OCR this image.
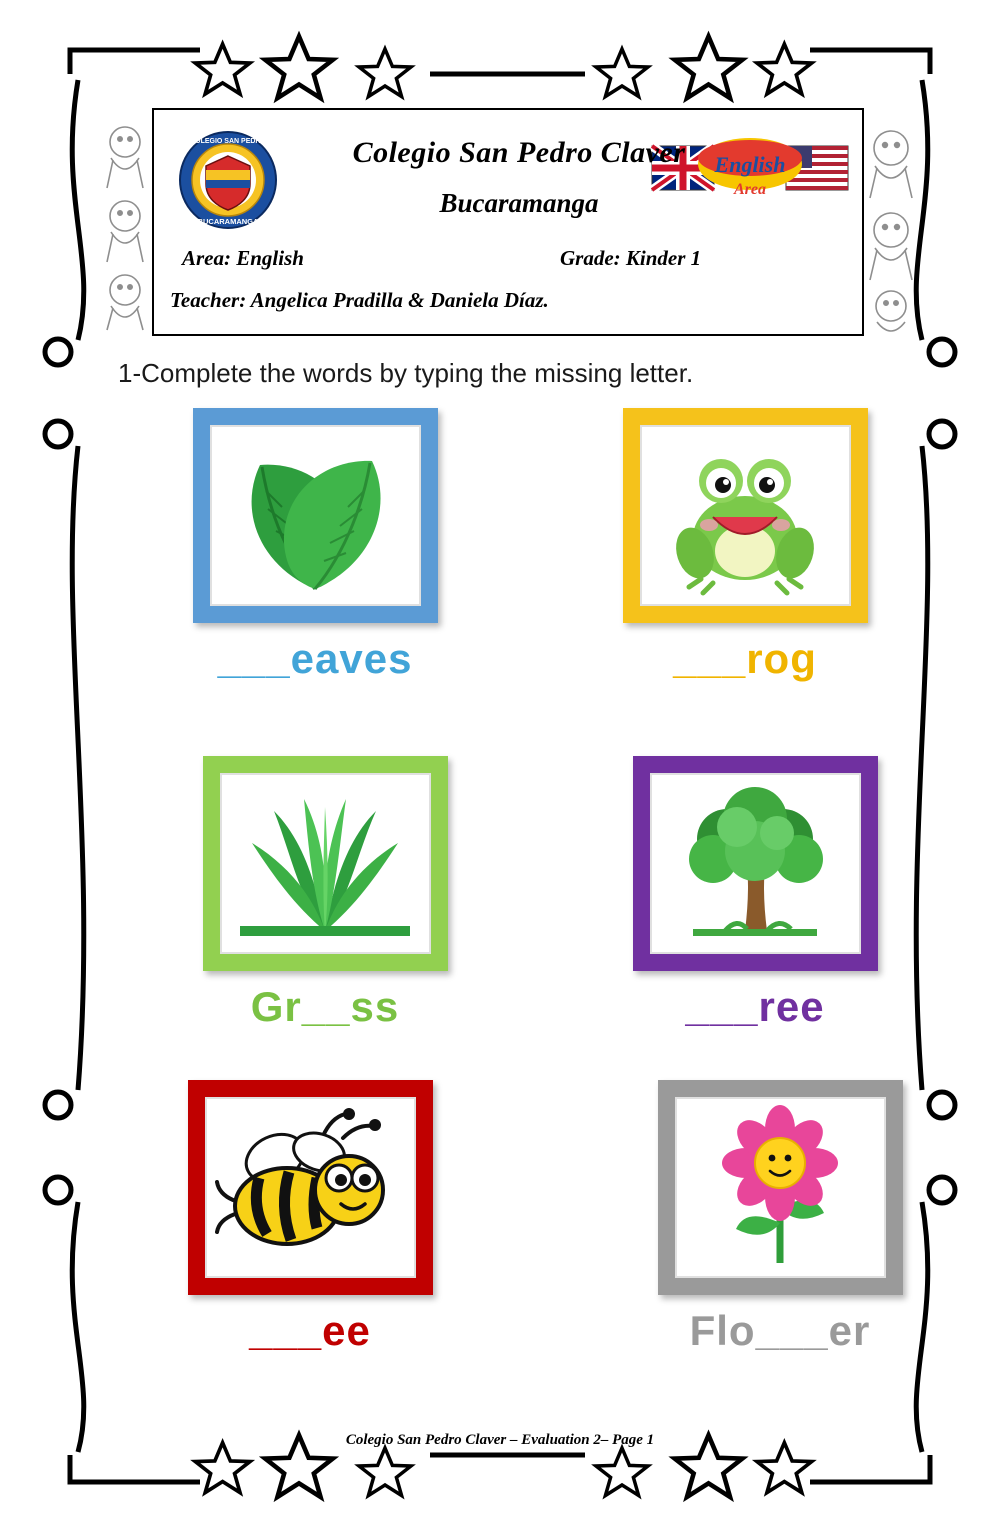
COLEGIO SAN PEDRO
BUCARAMANGA
English
Area
Colegio San Pedro Claver
Bucaramanga
Area: English	Grade: Kinder 1
Teacher: Angelica Pradilla & Daniela Díaz.
1-Complete the words by typing the missing letter.
___eaves	___rog
Gr__ss	___ree
___ee	Flo___er
Colegio San Pedro Claver – Evaluation 2– Page 1
